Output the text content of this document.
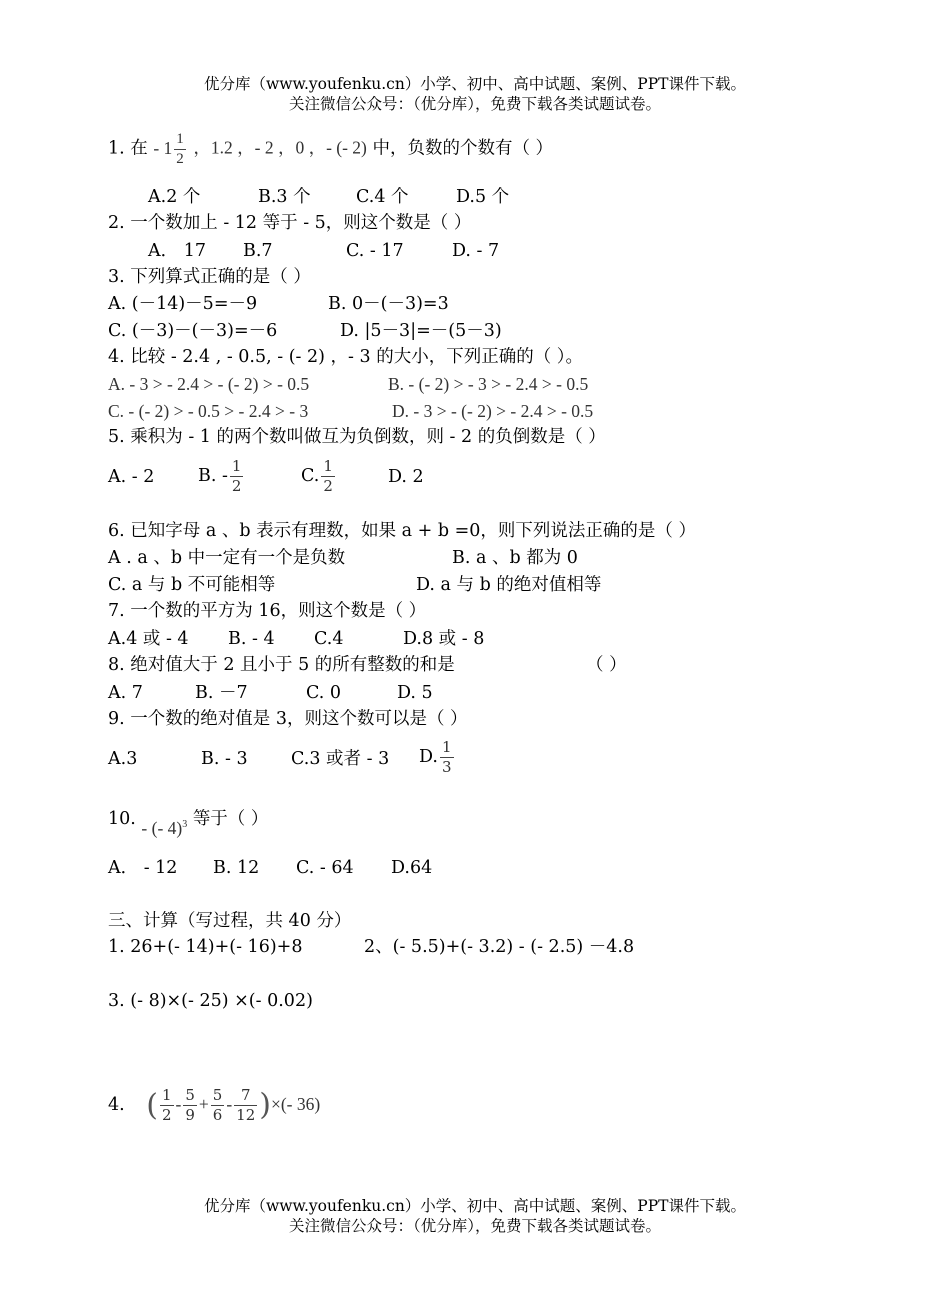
优分库（www.youfenku.cn）小学、初中、高中试题、案例、PPT课件下载。
关注微信公众号：（优分库），免费下载各类试题试卷。
1. 在 - $1 \frac{1}{2}$ ，1.2 ，- 2 ，0 ，- (- 2) 中，负数的个数有（ ）
A.2 个	B.3 个	C.4 个	D.5 个
2. 一个数加上 - 12 等于 - 5，则这个数是（ ）
A． 17 B.7	C. - 17	D. - 7
3. 下列算式正确的是（ ）
A. (－14)－5=－9	B. 0－(－3)=3
C. (－3)－(－3)=－6	D. |5－3|=－(5－3)
4. 比较 - 2.4 , - 0.5, - (- 2) ，- 3 的大小，下列正确的（ ）。
A. - 3 > - 2.4 > - (- 2) > - 0.5	B. - (- 2) > - 3 > - 2.4 > - 0.5
C. - (- 2) > - 0.5 > - 2.4 > - 3	D. - 3 > - (- 2) > - 2.4 > - 0.5
5. 乘积为 - 1 的两个数叫做互为负倒数，则 - 2 的负倒数是（ ）
A. - 2 B. - $\frac{1}{2}$	C. $\frac{1}{2}$	D. 2
6. 已知字母 a 、b 表示有理数，如果 a + b =0，则下列说法正确的是（ ）
A . a 、b 中一定有一个是负数	B. a 、b 都为 0
C. a 与 b 不可能相等	D. a 与 b 的绝对值相等
7. 一个数的平方为 16，则这个数是（ ）
A.4 或 - 4 B. - 4 C.4	D.8 或 - 8
8. 绝对值大于 2 且小于 5 的所有整数的和是	（ ）
A. 7	B. －7	C. 0	D. 5
9. 一个数的绝对值是 3，则这个数可以是（ ）
A.3	B. - 3 C.3 或者 - 3 D. $\frac{1}{3}$
10. - (- 4)$^3$ 等于（ ）
A． - 12 B. 12 C. - 64 D.64
三、计算（写过程，共 40 分）
1. 26+(- 14)+(- 16)+8	2、(- 5.5)+(- 3.2) - (- 2.5) －4.8
3. (- 8)×(- 25) ×(- 0.02)
4. ( $\frac{1}{2} - \frac{5}{9} + \frac{5}{6} - \frac{7}{12}$ )×(- 36)
优分库（www.youfenku.cn）小学、初中、高中试题、案例、PPT课件下载。
关注微信公众号：（优分库），免费下载各类试题试卷。
